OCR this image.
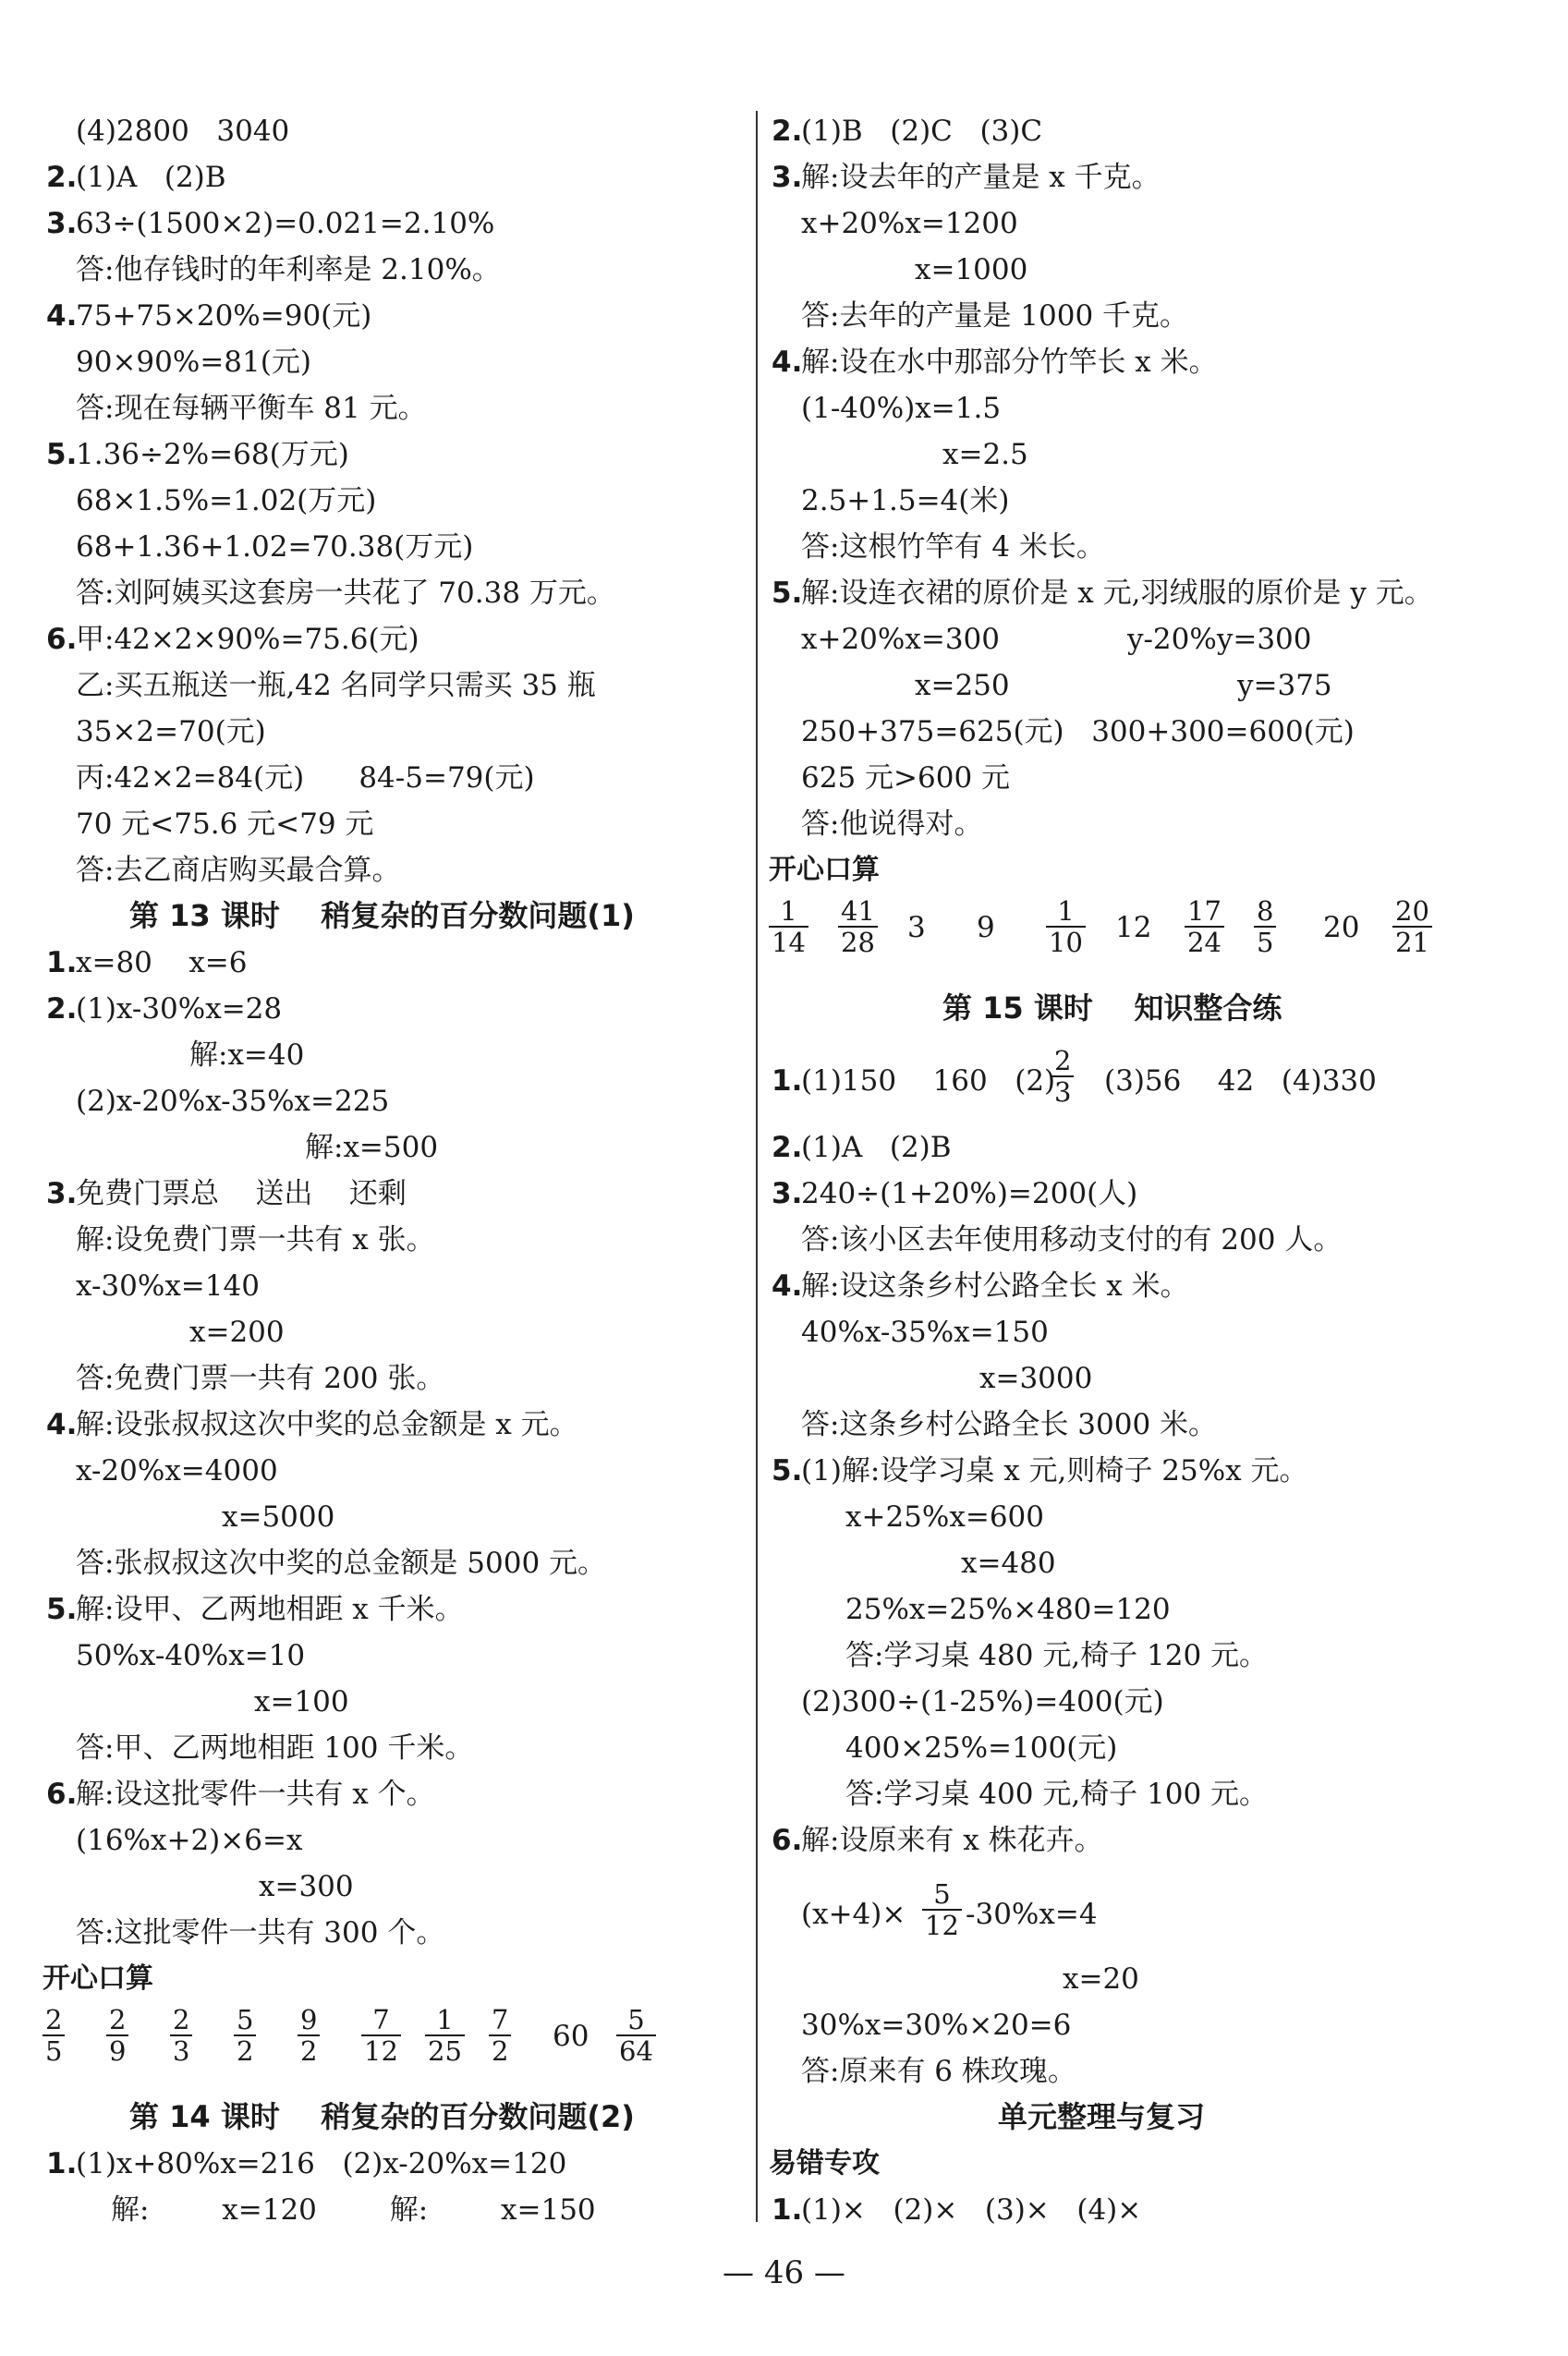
(4)2800   3040
2.
(1)A   (2)B
3.
63÷(1500×2)=0.021=2.10%
答:他存钱时的年利率是 2.10%。
4.
75+75×20%=90(元)
90×90%=81(元)
答:现在每辆平衡车 81 元。
5.
1.36÷2%=68(万元)
68×1.5%=1.02(万元)
68+1.36+1.02=70.38(万元)
答:刘阿姨买这套房一共花了 70.38 万元。
6.
甲:42×2×90%=75.6(元)
乙:买五瓶送一瓶,42 名同学只需买 35 瓶
35×2=70(元)
丙:42×2=84(元)      84-5=79(元)
70 元<75.6 元<79 元
答:去乙商店购买最合算。
第 13 课时    稍复杂的百分数问题(1)
1.
x=80    x=6
2.
(1)x-30%x=28
解:x=40
(2)x-20%x-35%x=225
解:x=500
3.
免费门票总    送出    还剩
解:设免费门票一共有 x 张。
x-30%x=140
x=200
答:免费门票一共有 200 张。
4.
解:设张叔叔这次中奖的总金额是 x 元。
x-20%x=4000
x=5000
答:张叔叔这次中奖的总金额是 5000 元。
5.
解:设甲、乙两地相距 x 千米。
50%x-40%x=10
x=100
答:甲、乙两地相距 100 千米。
6.
解:设这批零件一共有 x 个。
(16%x+2)×6=x
x=300
答:这批零件一共有 300 个。
开心口算
$\frac{2}{5} \frac{2}{9} \frac{2}{3} \frac{5}{2} \frac{9}{2} \frac{7}{12} \frac{1}{25} \frac{7}{2} 60 \frac{5}{64}$
第 14 课时    稍复杂的百分数问题(2)
1.
(1)x+80%x=216   (2)x-20%x=120
解:        x=120        解:        x=150
2.
(1)B   (2)C   (3)C
3.
解:设去年的产量是 x 千克。
x+20%x=1200
x=1000
答:去年的产量是 1000 千克。
4.
解:设在水中那部分竹竿长 x 米。
(1-40%)x=1.5
x=2.5
2.5+1.5=4(米)
答:这根竹竿有 4 米长。
5.
解:设连衣裙的原价是 x 元,羽绒服的原价是 y 元。
x+20%x=300              y-20%y=300
x=250                         y=375
250+375=625(元)   300+300=600(元)
625 元>600 元
答:他说得对。
开心口算
$\frac{1}{14} \frac{41}{28} 3$ $9 \frac{1}{10} 12 \frac{17}{24} \frac{8}{5} 20 \frac{20}{21}$
第 15 课时    知识整合练
1.
(1)150    160   (2)
$\frac{2}{3} (3)56$    42   (4)330
2.
(1)A   (2)B
3.
240÷(1+20%)=200(人)
答:该小区去年使用移动支付的有 200 人。
4.
解:设这条乡村公路全长 x 米。
40%x-35%x=150
x=3000
答:这条乡村公路全长 3000 米。
5.
(1)解:设学习桌 x 元,则椅子 25%x 元。
x+25%x=600
x=480
25%x=25%×480=120
答:学习桌 480 元,椅子 120 元。
(2)300÷(1-25%)=400(元)
400×25%=100(元)
答:学习桌 400 元,椅子 100 元。
6.
解:设原来有 x 株花卉。
$(x+4)\times \frac{5}{12} -30\%x=4$
x=20
30%x=30%×20=6
答:原来有 6 株玫瑰。
单元整理与复习
易错专攻
1.
(1)×   (2)×   (3)×   (4)×
— 46 —
